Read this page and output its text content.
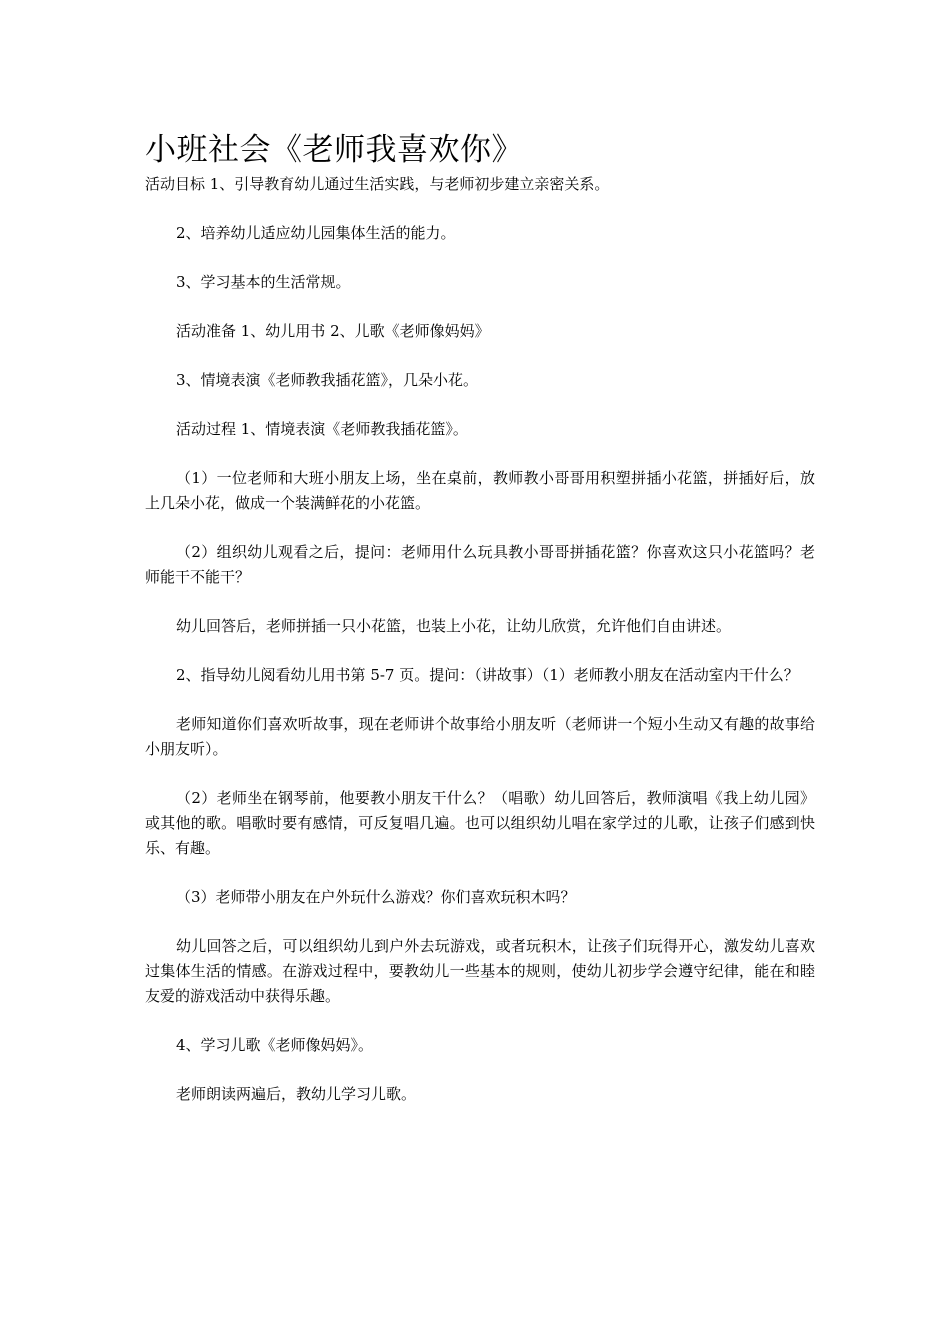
小班社会《老师我喜欢你》

活动目标 1、引导教育幼儿通过生活实践，与老师初步建立亲密关系。

2、培养幼儿适应幼儿园集体生活的能力。

3、学习基本的生活常规。

活动准备 1、幼儿用书 2、儿歌《老师像妈妈》

3、情境表演《老师教我插花篮》，几朵小花。

活动过程 1、情境表演《老师教我插花篮》。

（1）一位老师和大班小朋友上场，坐在桌前，教师教小哥哥用积塑拼插小花篮，拼插好后，放上几朵小花，做成一个装满鲜花的小花篮。

（2）组织幼儿观看之后，提问：老师用什么玩具教小哥哥拼插花篮？你喜欢这只小花篮吗？老师能干不能干？

幼儿回答后，老师拼插一只小花篮，也装上小花，让幼儿欣赏，允许他们自由讲述。

2、指导幼儿阅看幼儿用书第 5-7 页。提问：（讲故事）（1）老师教小朋友在活动室内干什么？

老师知道你们喜欢听故事，现在老师讲个故事给小朋友听（老师讲一个短小生动又有趣的故事给小朋友听）。

（2）老师坐在钢琴前，他要教小朋友干什么？（唱歌）幼儿回答后，教师演唱《我上幼儿园》或其他的歌。唱歌时要有感情，可反复唱几遍。也可以组织幼儿唱在家学过的儿歌，让孩子们感到快乐、有趣。

（3）老师带小朋友在户外玩什么游戏？你们喜欢玩积木吗？

幼儿回答之后，可以组织幼儿到户外去玩游戏，或者玩积木，让孩子们玩得开心，激发幼儿喜欢过集体生活的情感。在游戏过程中，要教幼儿一些基本的规则，使幼儿初步学会遵守纪律，能在和睦友爱的游戏活动中获得乐趣。

4、学习儿歌《老师像妈妈》。

老师朗读两遍后，教幼儿学习儿歌。
